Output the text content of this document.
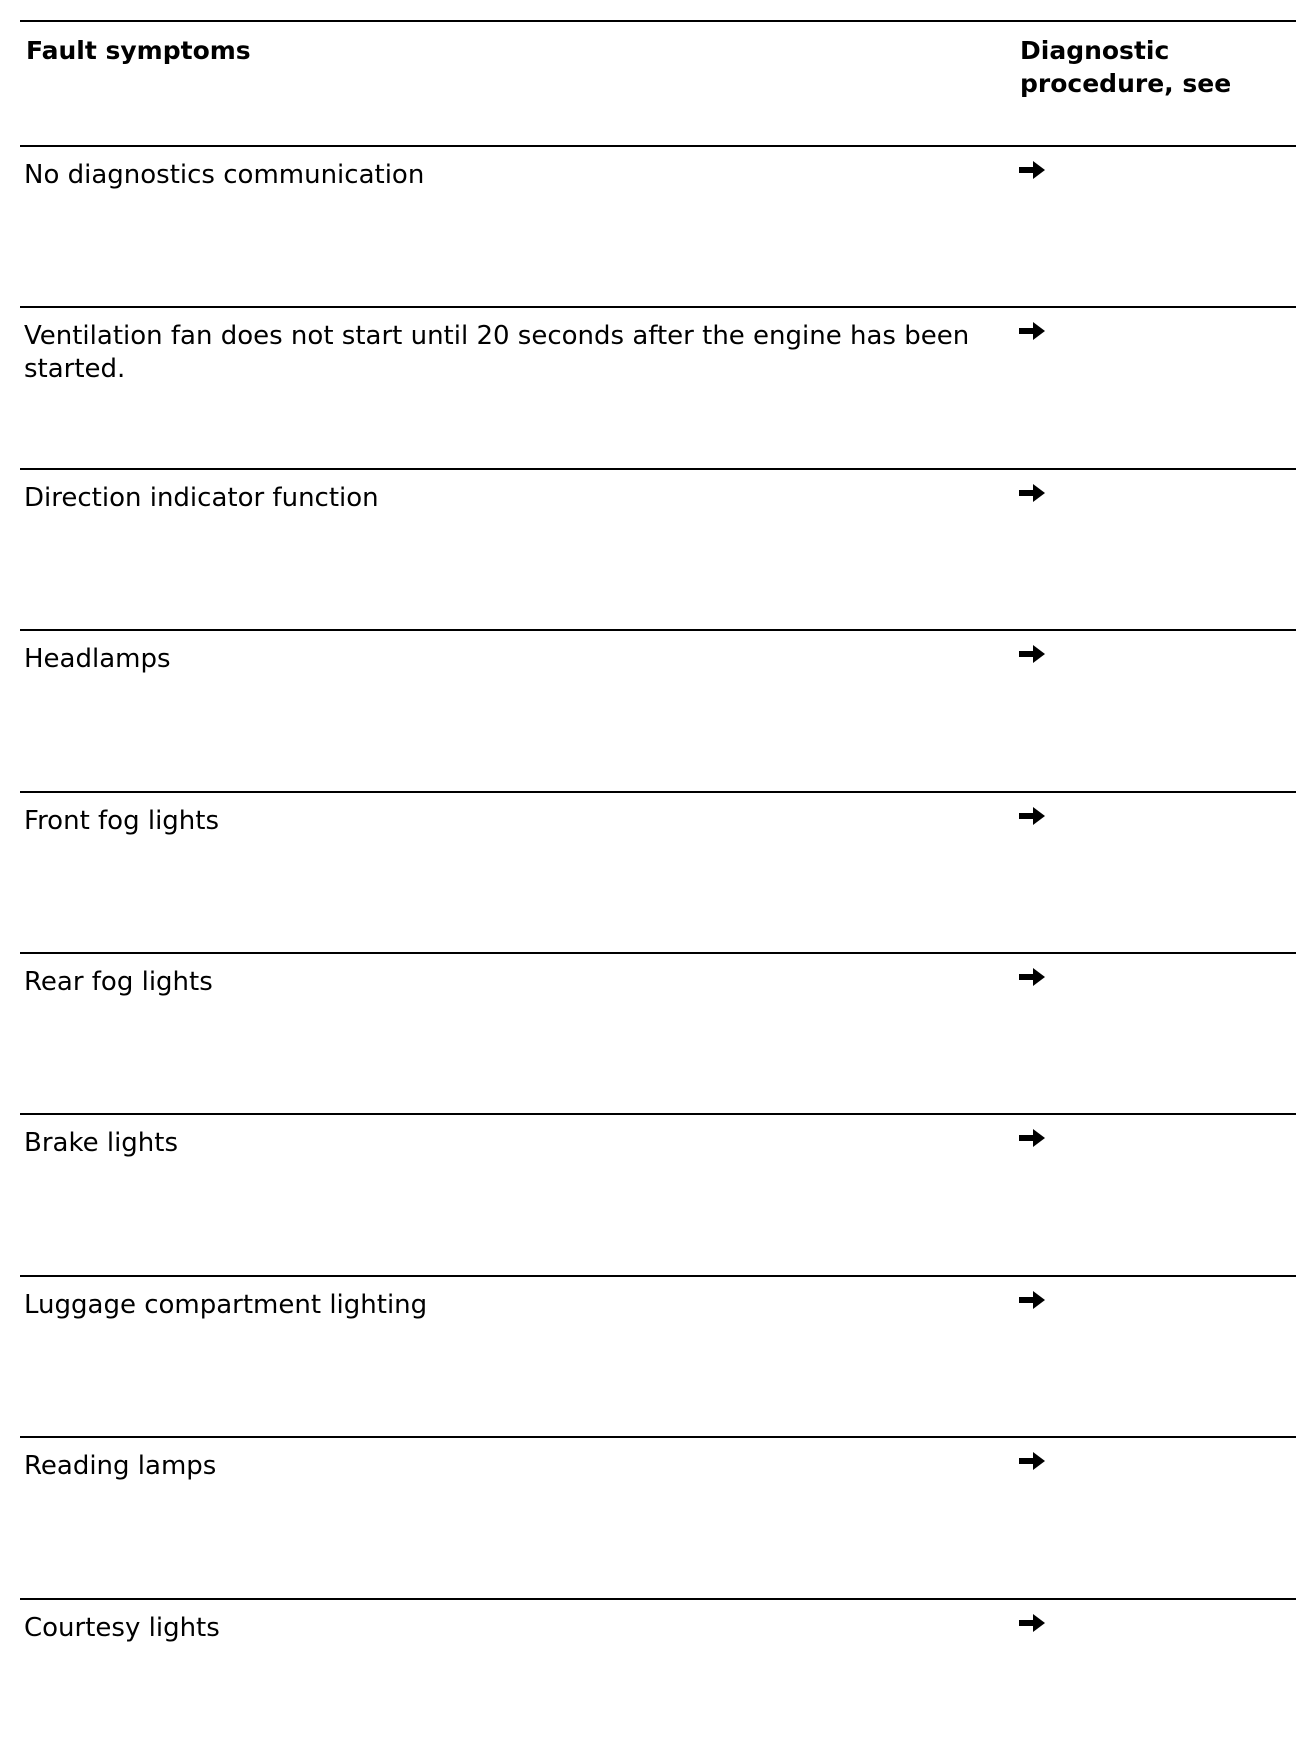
Fault symptoms	Diagnostic procedure, see
No diagnostics communication
Ventilation fan does not start until 20 seconds after the engine has been started.
Direction indicator function
Headlamps
Front fog lights
Rear fog lights
Brake lights
Luggage compartment lighting
Reading lamps
Courtesy lights
